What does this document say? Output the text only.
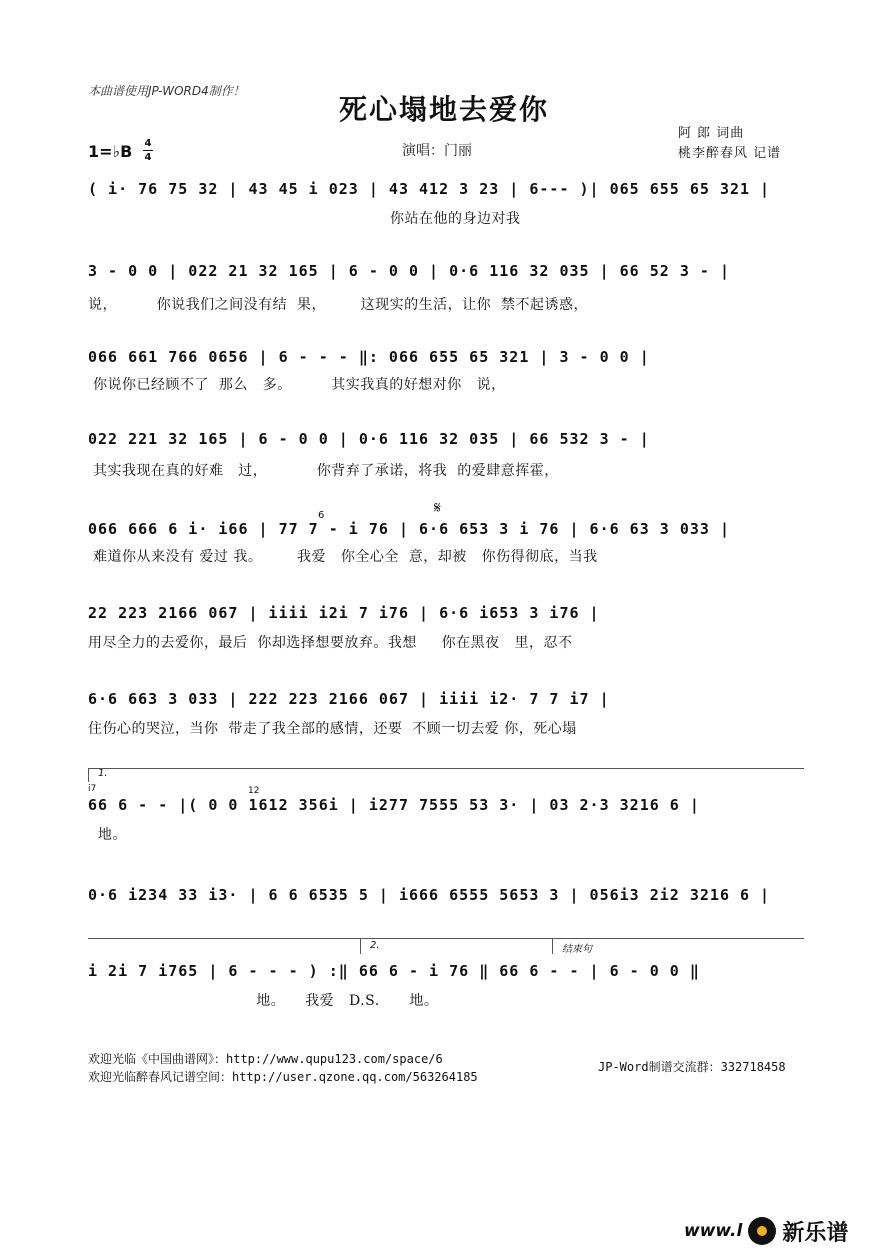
本曲谱使用JP-WORD4制作！
死心塌地去爱你
阿 郎 词曲
桃李醉春风 记谱
演唱：门丽
1=♭B 4
4
( i· 76 75 32 | 43 45 i 023 | 43 412 3 23 | 6--- )| 065 655 65 321 |
你站在他的身边对我
3 - 0 0 | 022 21 32 165 | 6 - 0 0 | 0·6 116 32 035 | 66 52 3 - |
说，        你说我们之间没有结  果，       这现实的生活，让你  禁不起诱惑，
066 661 766 0656 | 6 - - - ‖: 066 655 65 321 | 3 - 0 0 |
你说你已经顾不了  那么   多。        其实我真的好想对你   说，
022 221 32 165 | 6 - 0 0 | 0·6 116 32 035 | 66 532 3 - |
其实我现在真的好难   过，          你背弃了承诺，将我  的爱肆意挥霍，
6	𝄋
066 666 6 i· i66 | 77 7 - i 76 | 6·6 653 3 i 76 | 6·6 63 3 033 |
难道你从来没有 爱过 我。       我爱   你全心全  意，却被   你伤得彻底，当我
22 223 2166 067 | iiii i2i 7 i76 | 6·6 i653 3 i76 |
用尽全力的去爱你，最后  你却选择想要放弃。我想     你在黑夜   里，忍不
6·6 663 3 033 | 222 223 2166 067 | iiii i2· 7 7 i7 |
住伤心的哭泣，当你  带走了我全部的感情，还要  不顾一切去爱 你，死心塌
1.
i7	12
66 6 - - |( 0 0 1612 356i | i277 7555 53 3· | 03 2·3 3216 6 |
地。
0·6 i234 33 i3· | 6 6 6535 5 | i666 6555 5653 3 | 056i3 2i2 3216 6 |
2.	结束句
i 2i 7 i765 | 6 - - - ) :‖ 66 6 - i 76 ‖ 66 6 - - | 6 - 0 0 ‖
地。    我爱   D.S.      地。
欢迎光临《中国曲谱网》：http://www.qupu123.com/space/6
欢迎光临醉春风记谱空间：http://user.qzone.qq.com/563264185
JP-Word制谱交流群：332718458
www.l 新乐谱
